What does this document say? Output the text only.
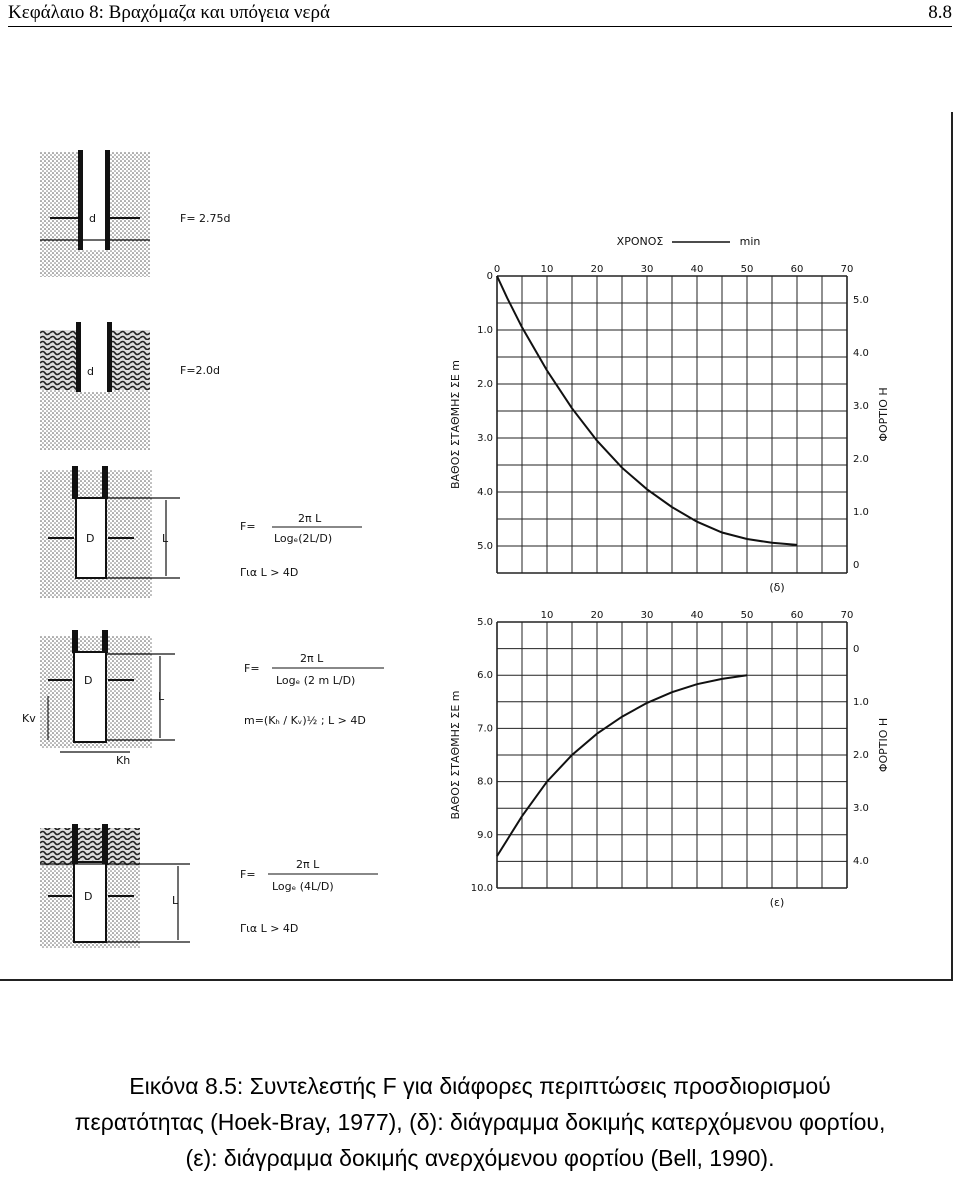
Κεφάλαιο 8: Βραχόμαζα και υπόγεια νερά	8.8
d	F= 2.75d
d	F=2.0d
D	L
F=
2π L
Logₑ(2L/D)
Για L > 4D
D
L
Kv
Kh
F=
2π L
Logₑ (2 m L/D)
m=(Kₕ / Kᵥ)½ ; L > 4D
D	L
F=
2π L
Logₑ (4L/D)
Για L > 4D
0	10	20	30	40	50	60	70
0
1.0
2.0
3.0
4.0
5.0
5.0
4.0
3.0
2.0
1.0
0
ΒΑΘΟΣ ΣΤΑΘΜΗΣ ΣΕ m	ΦΟΡΤΙΟ Η
(δ)
ΧΡΟΝΟΣ	min
10	20	30	40	50	60	70
5.0
6.0
7.0
8.0
9.0
10.0
0
1.0
2.0
3.0
4.0
ΒΑΘΟΣ ΣΤΑΘΜΗΣ ΣΕ m	ΦΟΡΤΙΟ Η
(ε)
Εικόνα 8.5: Συντελεστής F για διάφορες περιπτώσεις προσδιορισμού
περατότητας (Hoek-Bray, 1977), (δ): διάγραμμα δοκιμής κατερχόμενου φορτίου,
(ε): διάγραμμα δοκιμής ανερχόμενου φορτίου (Bell, 1990).
